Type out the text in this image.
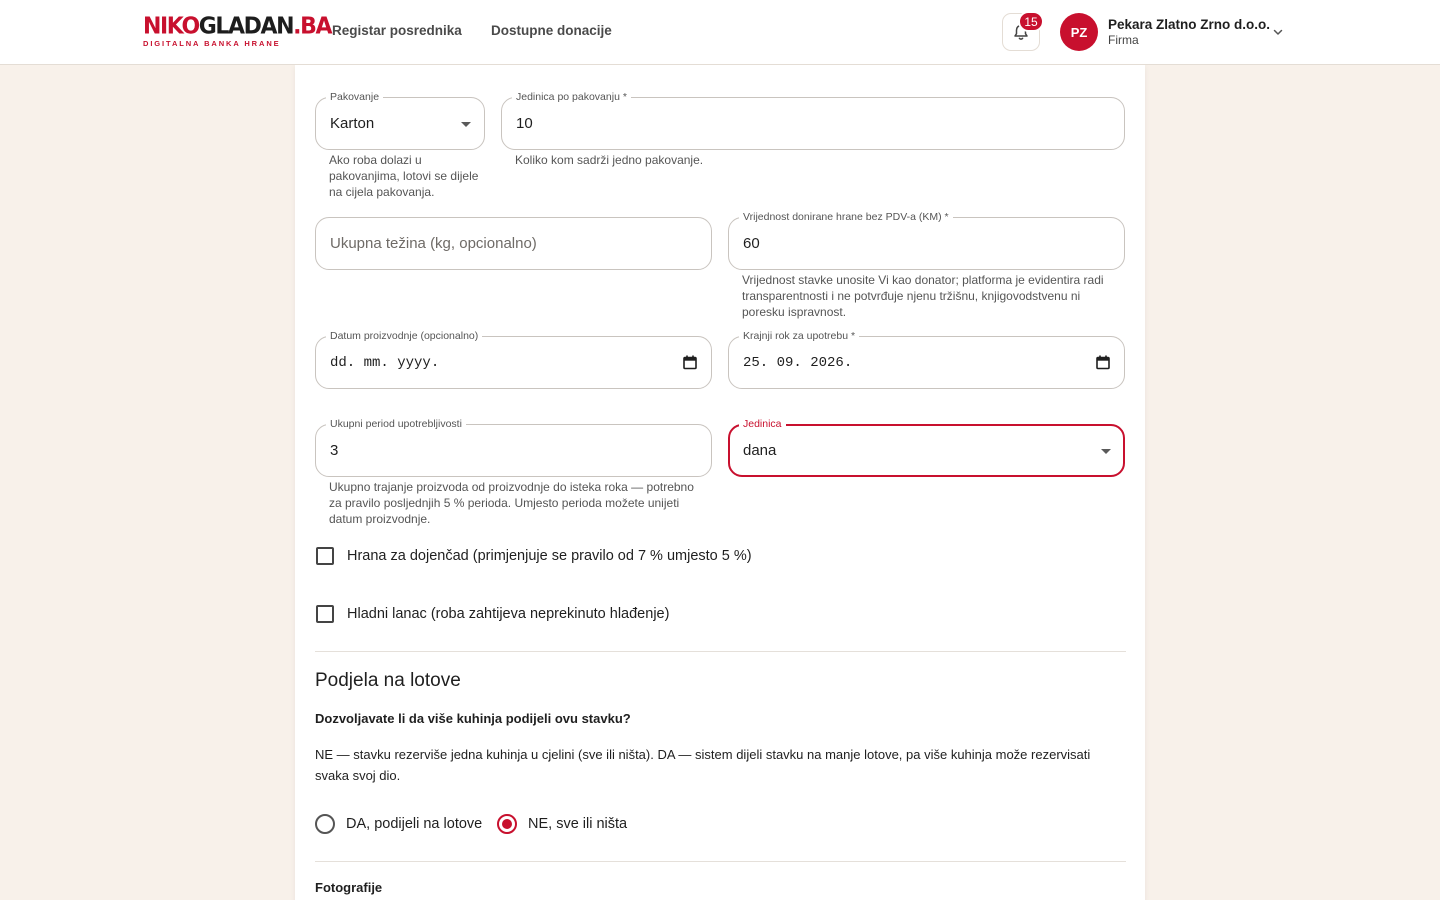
NIKOGLADAN.BA
DIGITALNA BANKA HRANE
Registar posrednika Dostupne donacije
15
PZ	Pekara Zlatno Zrno d.o.o.
Firma
Pakovanje
Karton
Ako roba dolazi u pakovanjima, lotovi se dijele na cijela pakovanja.
Jedinica po pakovanju *
10
Koliko kom sadrži jedno pakovanje.
Ukupna težina (kg, opcionalno)
Vrijednost donirane hrane bez PDV-a (KM) *
60
Vrijednost stavke unosite Vi kao donator; platforma je evidentira radi transparentnosti i ne potvrđuje njenu tržišnu, knjigovodstvenu ni poresku ispravnost.
Datum proizvodnje (opcionalno)
dd. mm. yyyy.
Krajnji rok za upotrebu *
25. 09. 2026.
Ukupni period upotrebljivosti
3
Ukupno trajanje proizvoda od proizvodnje do isteka roka — potrebno za pravilo posljednjih 5 % perioda. Umjesto perioda možete unijeti datum proizvodnje.
Jedinica
dana
Hrana za dojenčad (primjenjuje se pravilo od 7 % umjesto 5 %)
Hladni lanac (roba zahtijeva neprekinuto hlađenje)
Podjela na lotove
Dozvoljavate li da više kuhinja podijeli ovu stavku?
NE — stavku rezerviše jedna kuhinja u cjelini (sve ili ništa). DA — sistem dijeli stavku na manje lotove, pa više kuhinja može rezervisati svaka svoj dio.
DA, podijeli na lotove	NE, sve ili ništa
Fotografije
